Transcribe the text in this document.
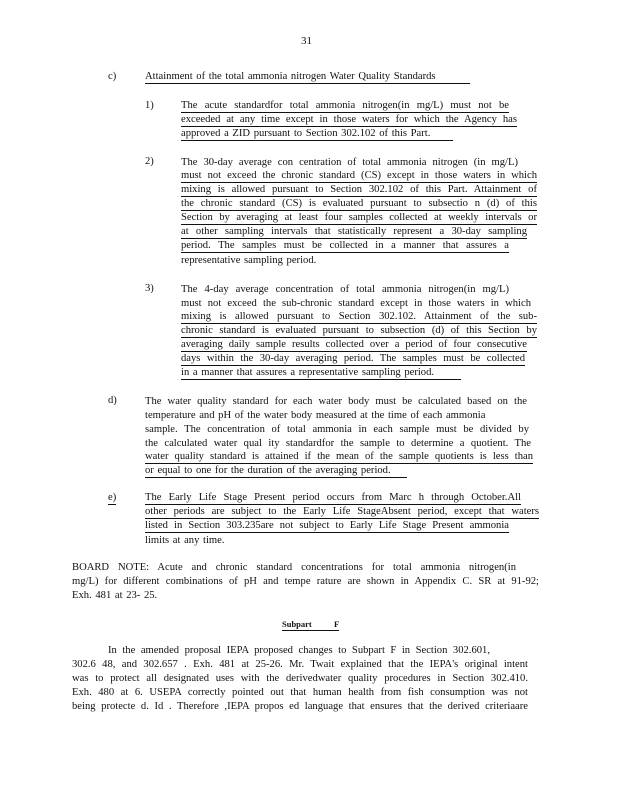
31
c)	Attainment of the total ammonia nitrogen Water Quality Standards
1)	The acute standardfor total ammonia nitrogen(in mg/L) must not be
exceeded at any time except in those waters for which the Agency has
approved a ZID pursuant to Section 302.102 of this Part.
2)	The 30-day average con centration of total ammonia nitrogen (in mg/L)
must not exceed the chronic standard (CS) except in those waters in which
mixing is allowed pursuant to Section 302.102 of this Part. Attainment of
the chronic standard (CS) is evaluated pursuant to subsectio n (d) of this
Section by averaging at least four samples collected at weekly intervals or
at other sampling intervals that statistically represent a 30-day sampling
period. The samples must be collected in a manner that assures a
representative sampling period.
3)	The 4-day average concentration of total ammonia nitrogen(in mg/L)
must not exceed the sub-chronic standard except in those waters in which
mixing is allowed pursuant to Section 302.102. Attainment of the sub-
chronic standard is evaluated pursuant to subsection (d) of this Section by
averaging daily sample results collected over a period of four consecutive
days within the 30-day averaging period. The samples must be collected
in a manner that assures a representative sampling period.
d)	The water quality standard for each water body must be calculated based on the
temperature and pH of the water body measured at the time of each ammonia
sample. The concentration of total ammonia in each sample must be divided by
the calculated water qual ity standardfor the sample to determine a quotient. The
water quality standard is attained if the mean of the sample quotients is less than
or equal to one for the duration of the averaging period.
e)	The Early Life Stage Present period occurs from Marc h through October.All
other periods are subject to the Early Life StageAbsent period, except that waters
listed in Section 303.235are not subject to Early Life Stage Present ammonia
limits at any time.
BOARD NOTE: Acute and chronic standard concentrations for total ammonia nitrogen(in
mg/L) for different combinations of pH and tempe rature are shown in Appendix C. SR at 91-92;
Exh. 481 at 23- 25.
Subpart	F
In the amended proposal IEPA proposed changes to Subpart F in Section 302.601,
302.6 48, and 302.657 . Exh. 481 at 25-26. Mr. Twait explained that the IEPA's original intent
was to protect all designated uses with the derivedwater quality procedures in Section 302.410.
Exh. 480 at 6. USEPA correctly pointed out that human health from fish consumption was not
being protecte d. Id . Therefore ,IEPA propos ed language that ensures that the derived criteriaare
